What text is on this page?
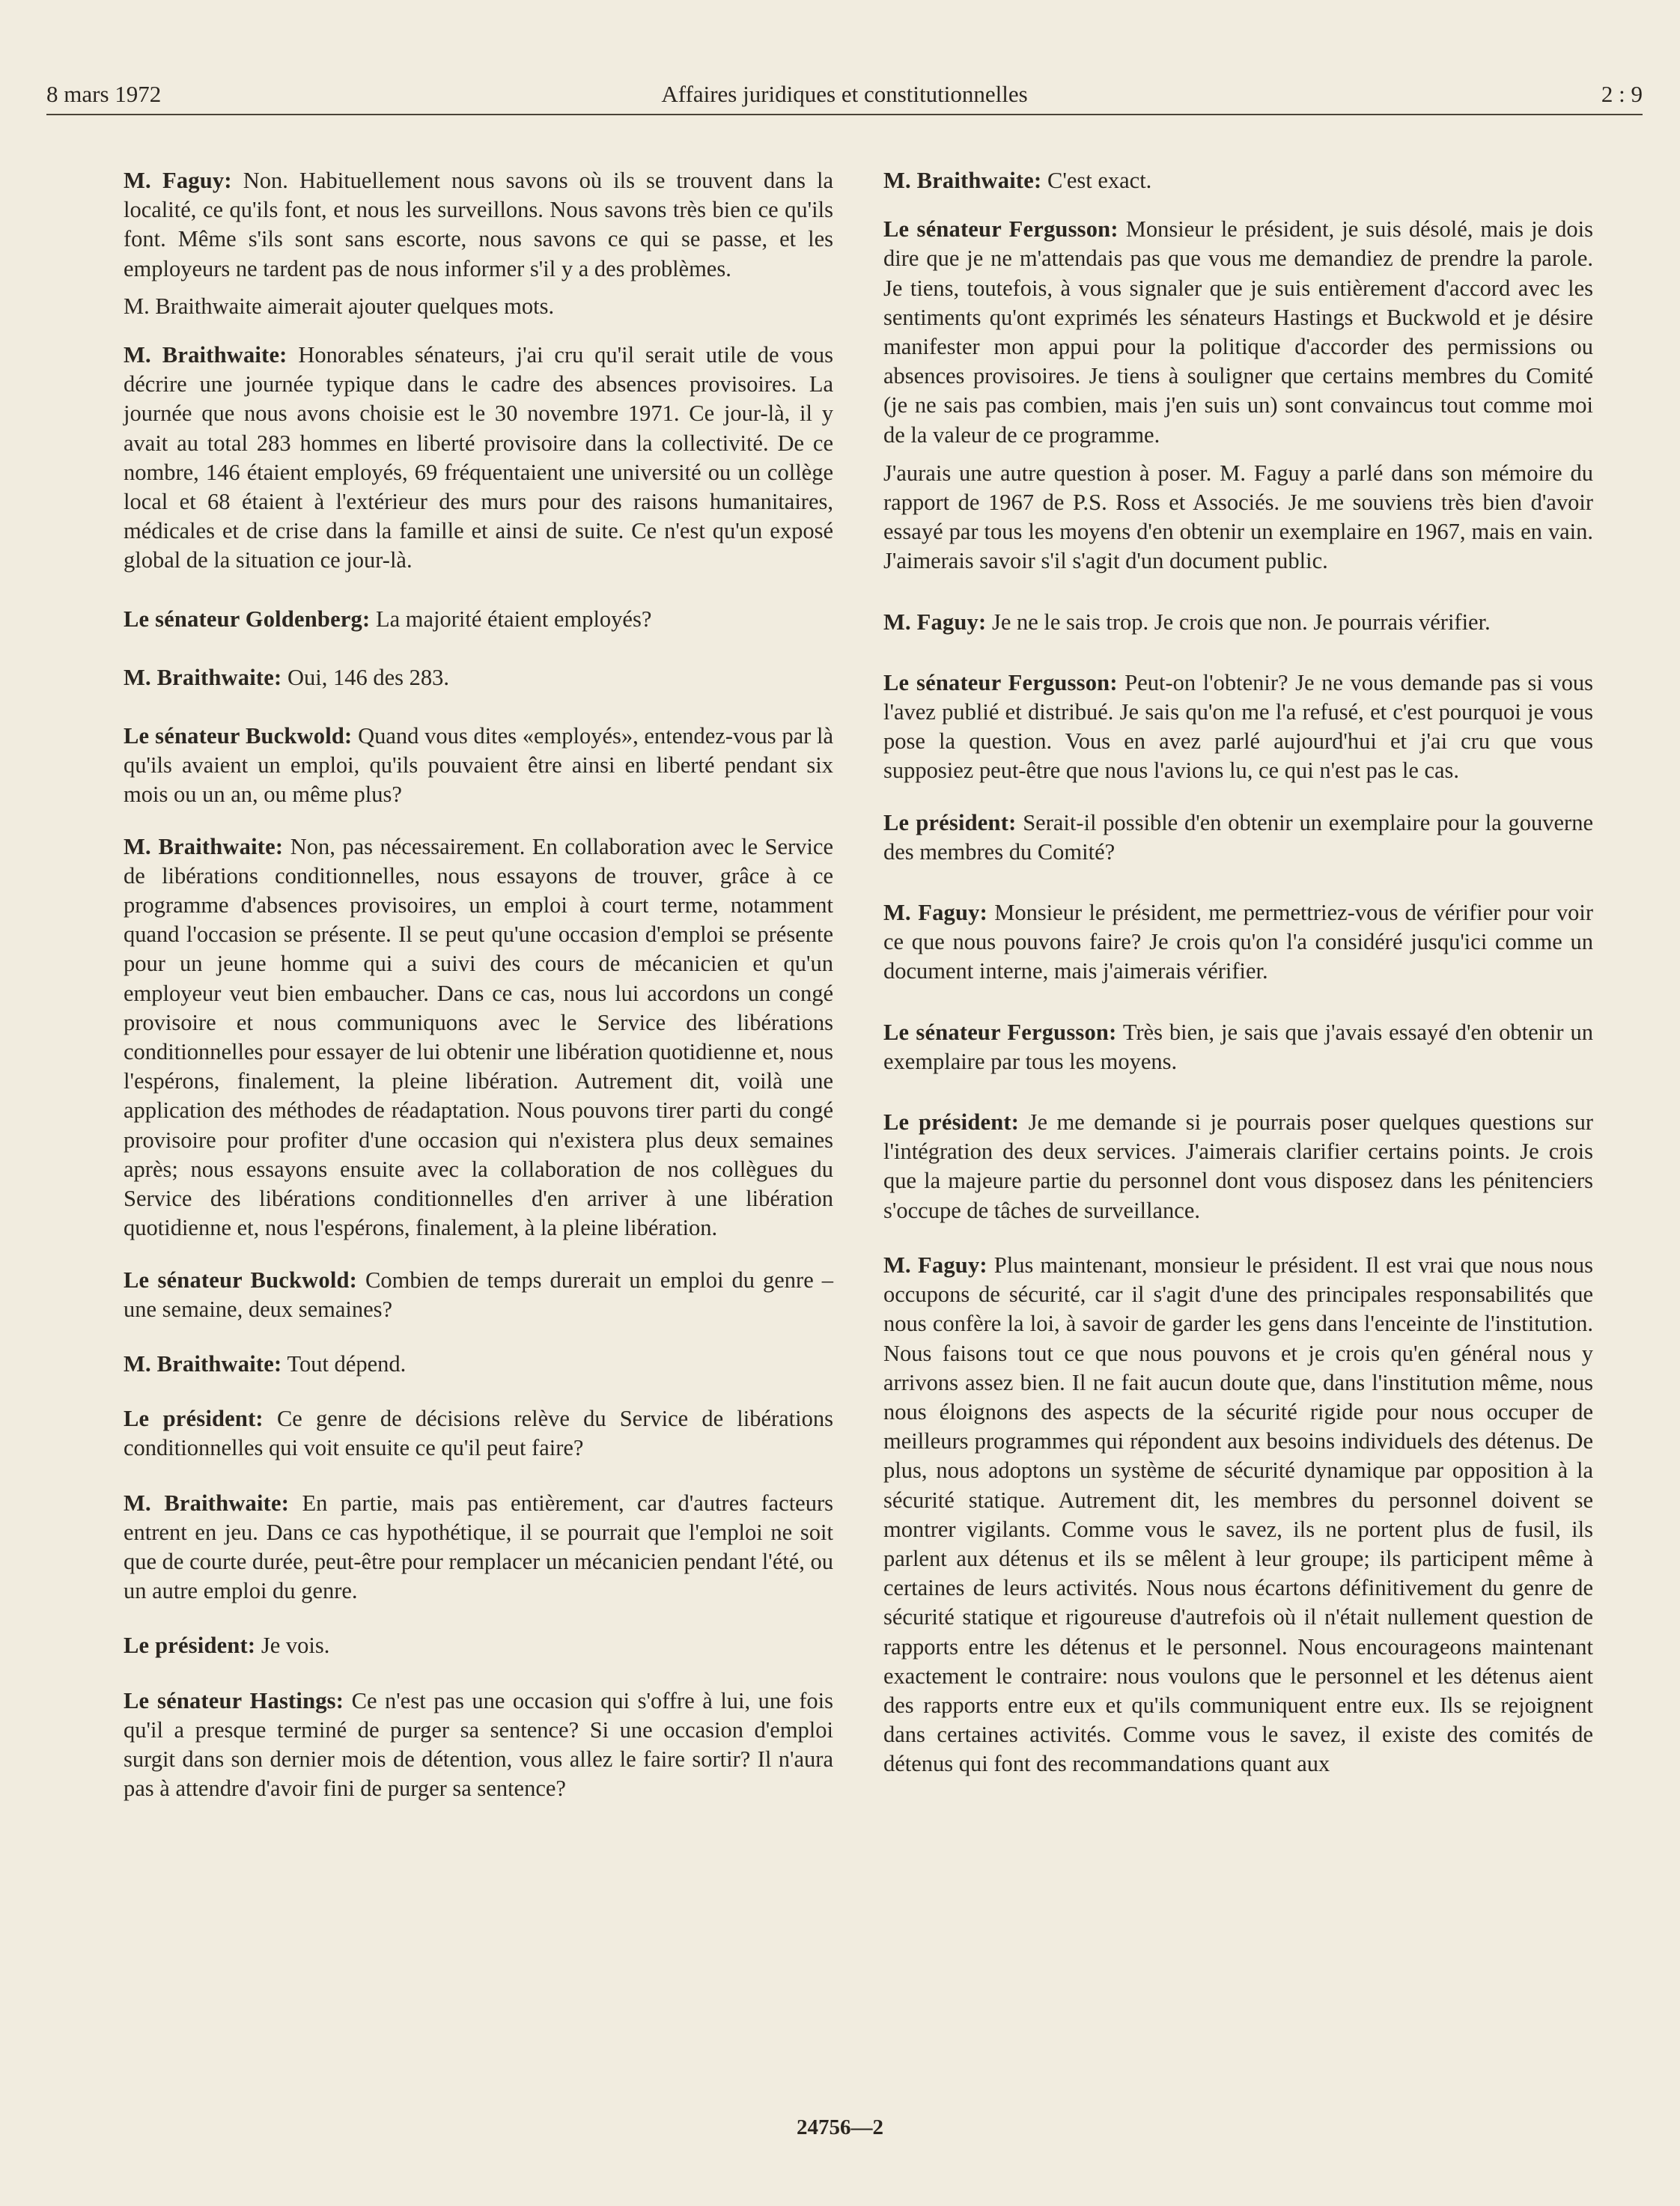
8 mars 1972	Affaires juridiques et constitutionnelles	2 : 9

M. Faguy: Non. Habituellement nous savons où ils se trouvent dans la localité, ce qu'ils font, et nous les surveillons. Nous savons très bien ce qu'ils font. Même s'ils sont sans escorte, nous savons ce qui se passe, et les employeurs ne tardent pas de nous informer s'il y a des problèmes.

M. Braithwaite aimerait ajouter quelques mots.

M. Braithwaite: Honorables sénateurs, j'ai cru qu'il serait utile de vous décrire une journée typique dans le cadre des absences provisoires. La journée que nous avons choisie est le 30 novembre 1971. Ce jour-là, il y avait au total 283 hommes en liberté provisoire dans la collectivité. De ce nombre, 146 étaient employés, 69 fréquentaient une université ou un collège local et 68 étaient à l'extérieur des murs pour des raisons humanitaires, médicales et de crise dans la famille et ainsi de suite. Ce n'est qu'un exposé global de la situation ce jour-là.

Le sénateur Goldenberg: La majorité étaient employés?

M. Braithwaite: Oui, 146 des 283.

Le sénateur Buckwold: Quand vous dites «employés», entendez-vous par là qu'ils avaient un emploi, qu'ils pouvaient être ainsi en liberté pendant six mois ou un an, ou même plus?

M. Braithwaite: Non, pas nécessairement. En collaboration avec le Service de libérations conditionnelles, nous essayons de trouver, grâce à ce programme d'absences provisoires, un emploi à court terme, notamment quand l'occasion se présente. Il se peut qu'une occasion d'emploi se présente pour un jeune homme qui a suivi des cours de mécanicien et qu'un employeur veut bien embaucher. Dans ce cas, nous lui accordons un congé provisoire et nous communiquons avec le Service des libérations conditionnelles pour essayer de lui obtenir une libération quotidienne et, nous l'espérons, finalement, la pleine libération. Autrement dit, voilà une application des méthodes de réadaptation. Nous pouvons tirer parti du congé provisoire pour profiter d'une occasion qui n'existera plus deux semaines après; nous essayons ensuite avec la collaboration de nos collègues du Service des libérations conditionnelles d'en arriver à une libération quotidienne et, nous l'espérons, finalement, à la pleine libération.

Le sénateur Buckwold: Combien de temps durerait un emploi du genre – une semaine, deux semaines?

M. Braithwaite: Tout dépend.

Le président: Ce genre de décisions relève du Service de libérations conditionnelles qui voit ensuite ce qu'il peut faire?

M. Braithwaite: En partie, mais pas entièrement, car d'autres facteurs entrent en jeu. Dans ce cas hypothétique, il se pourrait que l'emploi ne soit que de courte durée, peut-être pour remplacer un mécanicien pendant l'été, ou un autre emploi du genre.

Le président: Je vois.

Le sénateur Hastings: Ce n'est pas une occasion qui s'offre à lui, une fois qu'il a presque terminé de purger sa sentence? Si une occasion d'emploi surgit dans son dernier mois de détention, vous allez le faire sortir? Il n'aura pas à attendre d'avoir fini de purger sa sentence?

M. Braithwaite: C'est exact.

Le sénateur Fergusson: Monsieur le président, je suis désolé, mais je dois dire que je ne m'attendais pas que vous me demandiez de prendre la parole. Je tiens, toutefois, à vous signaler que je suis entièrement d'accord avec les sentiments qu'ont exprimés les sénateurs Hastings et Buckwold et je désire manifester mon appui pour la politique d'accorder des permissions ou absences provisoires. Je tiens à souligner que certains membres du Comité (je ne sais pas combien, mais j'en suis un) sont convaincus tout comme moi de la valeur de ce programme.

J'aurais une autre question à poser. M. Faguy a parlé dans son mémoire du rapport de 1967 de P.S. Ross et Associés. Je me souviens très bien d'avoir essayé par tous les moyens d'en obtenir un exemplaire en 1967, mais en vain. J'aimerais savoir s'il s'agit d'un document public.

M. Faguy: Je ne le sais trop. Je crois que non. Je pourrais vérifier.

Le sénateur Fergusson: Peut-on l'obtenir? Je ne vous demande pas si vous l'avez publié et distribué. Je sais qu'on me l'a refusé, et c'est pourquoi je vous pose la question. Vous en avez parlé aujourd'hui et j'ai cru que vous supposiez peut-être que nous l'avions lu, ce qui n'est pas le cas.

Le président: Serait-il possible d'en obtenir un exemplaire pour la gouverne des membres du Comité?

M. Faguy: Monsieur le président, me permettriez-vous de vérifier pour voir ce que nous pouvons faire? Je crois qu'on l'a considéré jusqu'ici comme un document interne, mais j'aimerais vérifier.

Le sénateur Fergusson: Très bien, je sais que j'avais essayé d'en obtenir un exemplaire par tous les moyens.

Le président: Je me demande si je pourrais poser quelques questions sur l'intégration des deux services. J'aimerais clarifier certains points. Je crois que la majeure partie du personnel dont vous disposez dans les pénitenciers s'occupe de tâches de surveillance.

M. Faguy: Plus maintenant, monsieur le président. Il est vrai que nous nous occupons de sécurité, car il s'agit d'une des principales responsabilités que nous confère la loi, à savoir de garder les gens dans l'enceinte de l'institution. Nous faisons tout ce que nous pouvons et je crois qu'en général nous y arrivons assez bien. Il ne fait aucun doute que, dans l'institution même, nous nous éloignons des aspects de la sécurité rigide pour nous occuper de meilleurs programmes qui répondent aux besoins individuels des détenus. De plus, nous adoptons un système de sécurité dynamique par opposition à la sécurité statique. Autrement dit, les membres du personnel doivent se montrer vigilants. Comme vous le savez, ils ne portent plus de fusil, ils parlent aux détenus et ils se mêlent à leur groupe; ils participent même à certaines de leurs activités. Nous nous écartons définitivement du genre de sécurité statique et rigoureuse d'autrefois où il n'était nullement question de rapports entre les détenus et le personnel. Nous encourageons maintenant exactement le contraire: nous voulons que le personnel et les détenus aient des rapports entre eux et qu'ils communiquent entre eux. Ils se rejoignent dans certaines activités. Comme vous le savez, il existe des comités de détenus qui font des recommandations quant aux

24756—2
